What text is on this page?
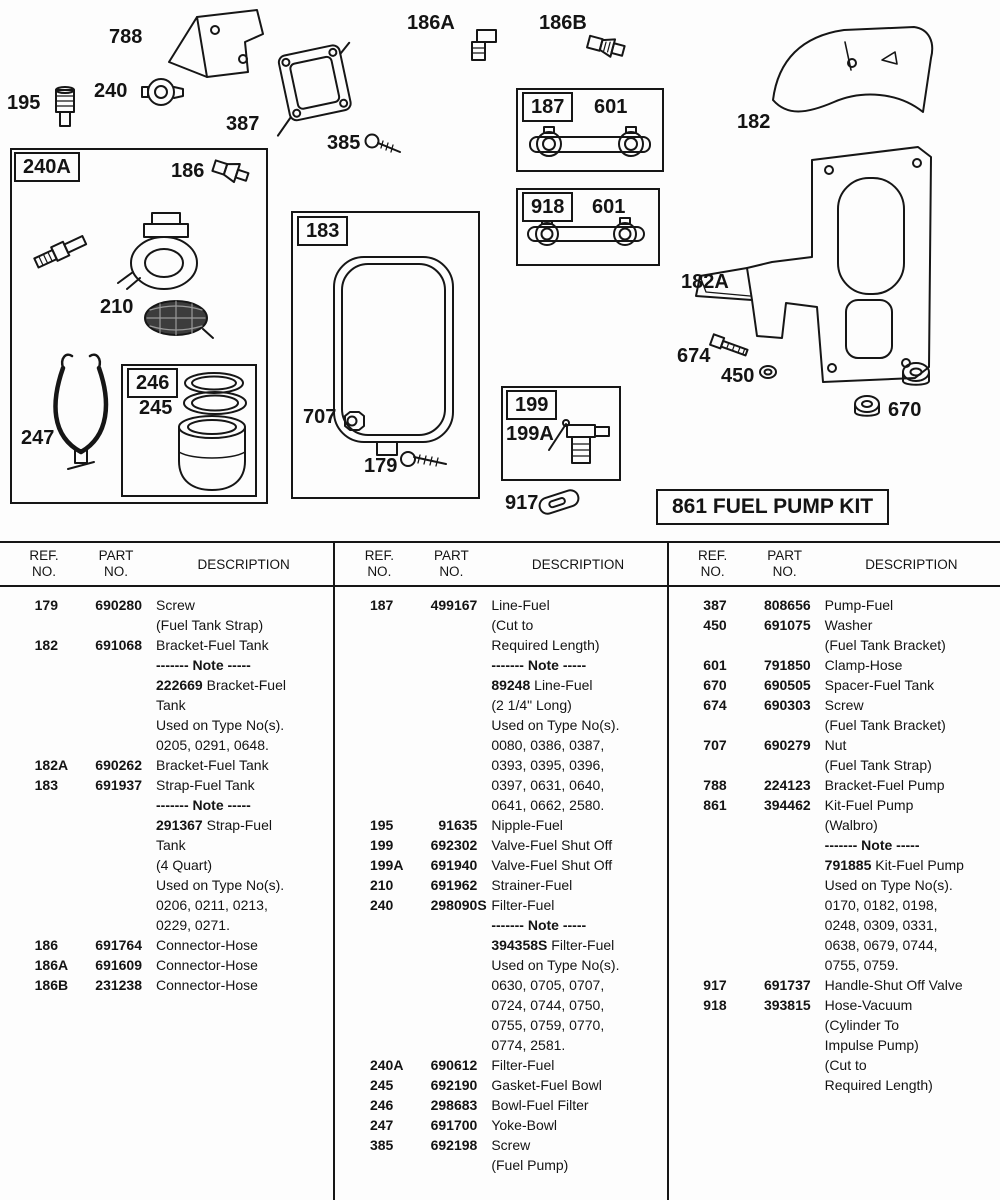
788
195
240
387
385
186A	186B
187	601
918	601
182
182A
240A	186
210
246
245
247
183
707
179
199
199A
917
674
450
670
861 FUEL PUMP KIT
REF.
NO.
PART
NO.	DESCRIPTION
179	690280 Screw
(Fuel Tank Strap)
182	691068 Bracket-Fuel Tank
------- Note -----
222669 Bracket-Fuel
Tank
Used on Type No(s).
0205, 0291, 0648.
182 A	690262 Bracket-Fuel Tank
183	691937 Strap-Fuel Tank
------- Note -----
291367 Strap-Fuel
Tank
(4 Quart)
Used on Type No(s).
0206, 0211, 0213,
0229, 0271.
186	691764 Connector-Hose
186 A	691609 Connector-Hose
186 B	231238 Connector-Hose
REF.
NO.
PART
NO.	DESCRIPTION
187	499167 Line-Fuel
(Cut to
Required Length)
------- Note -----
89248 Line-Fuel
(2 1/4" Long)
Used on Type No(s).
0080, 0386, 0387,
0393, 0395, 0396,
0397, 0631, 0640,
0641, 0662, 2580.
195	91635 Nipple-Fuel
199	692302 Valve-Fuel Shut Off
199 A	691940 Valve-Fuel Shut Off
210	691962 Strainer-Fuel
240	298090 S Filter-Fuel
------- Note -----
394358S Filter-Fuel
Used on Type No(s).
0630, 0705, 0707,
0724, 0744, 0750,
0755, 0759, 0770,
0774, 2581.
240 A	690612 Filter-Fuel
245	692190 Gasket-Fuel Bowl
246	298683 Bowl-Fuel Filter
247	691700 Yoke-Bowl
385	692198 Screw
(Fuel Pump)
REF.
NO.
PART
NO.	DESCRIPTION
387	808656 Pump-Fuel
450	691075 Washer
(Fuel Tank Bracket)
601	791850 Clamp-Hose
670	690505 Spacer-Fuel Tank
674	690303 Screw
(Fuel Tank Bracket)
707	690279 Nut
(Fuel Tank Strap)
788	224123 Bracket-Fuel Pump
861	394462 Kit-Fuel Pump
(Walbro)
------- Note -----
791885 Kit-Fuel Pump
Used on Type No(s).
0170, 0182, 0198,
0248, 0309, 0331,
0638, 0679, 0744,
0755, 0759.
917	691737 Handle-Shut Off Valve
918	393815 Hose-Vacuum
(Cylinder To
Impulse Pump)
(Cut to
Required Length)
